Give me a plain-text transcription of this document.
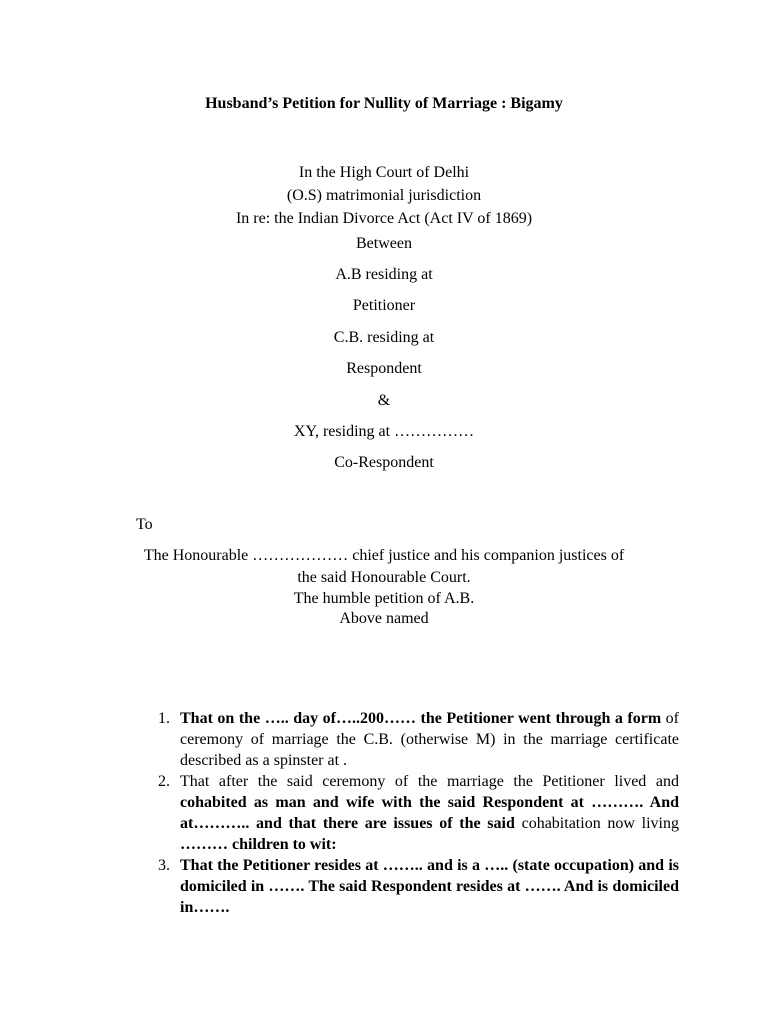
Husband’s Petition for Nullity of Marriage : Bigamy
In the High Court of Delhi
(O.S) matrimonial jurisdiction
In re: the Indian Divorce Act (Act IV of 1869)
Between
A.B residing at
Petitioner
C.B. residing at
Respondent
&
XY, residing at ……………
Co-Respondent
To
The Honourable ……………… chief justice and his companion justices of
the said Honourable Court.
The humble petition of A.B.
Above named
1. That on the ….. day of…..200…… the Petitioner went through a form of ceremony of marriage the C.B. (otherwise M) in the marriage certificate described as a spinster at .
2. That after the said ceremony of the marriage the Petitioner lived and cohabited as man and wife with the said Respondent at ………. And at……….. and that there are issues of the said cohabitation now living ……… children to wit:
3. That the Petitioner resides at …….. and is a ….. (state occupation) and is domiciled in ……. The said Respondent resides at ……. And is domiciled in…….
